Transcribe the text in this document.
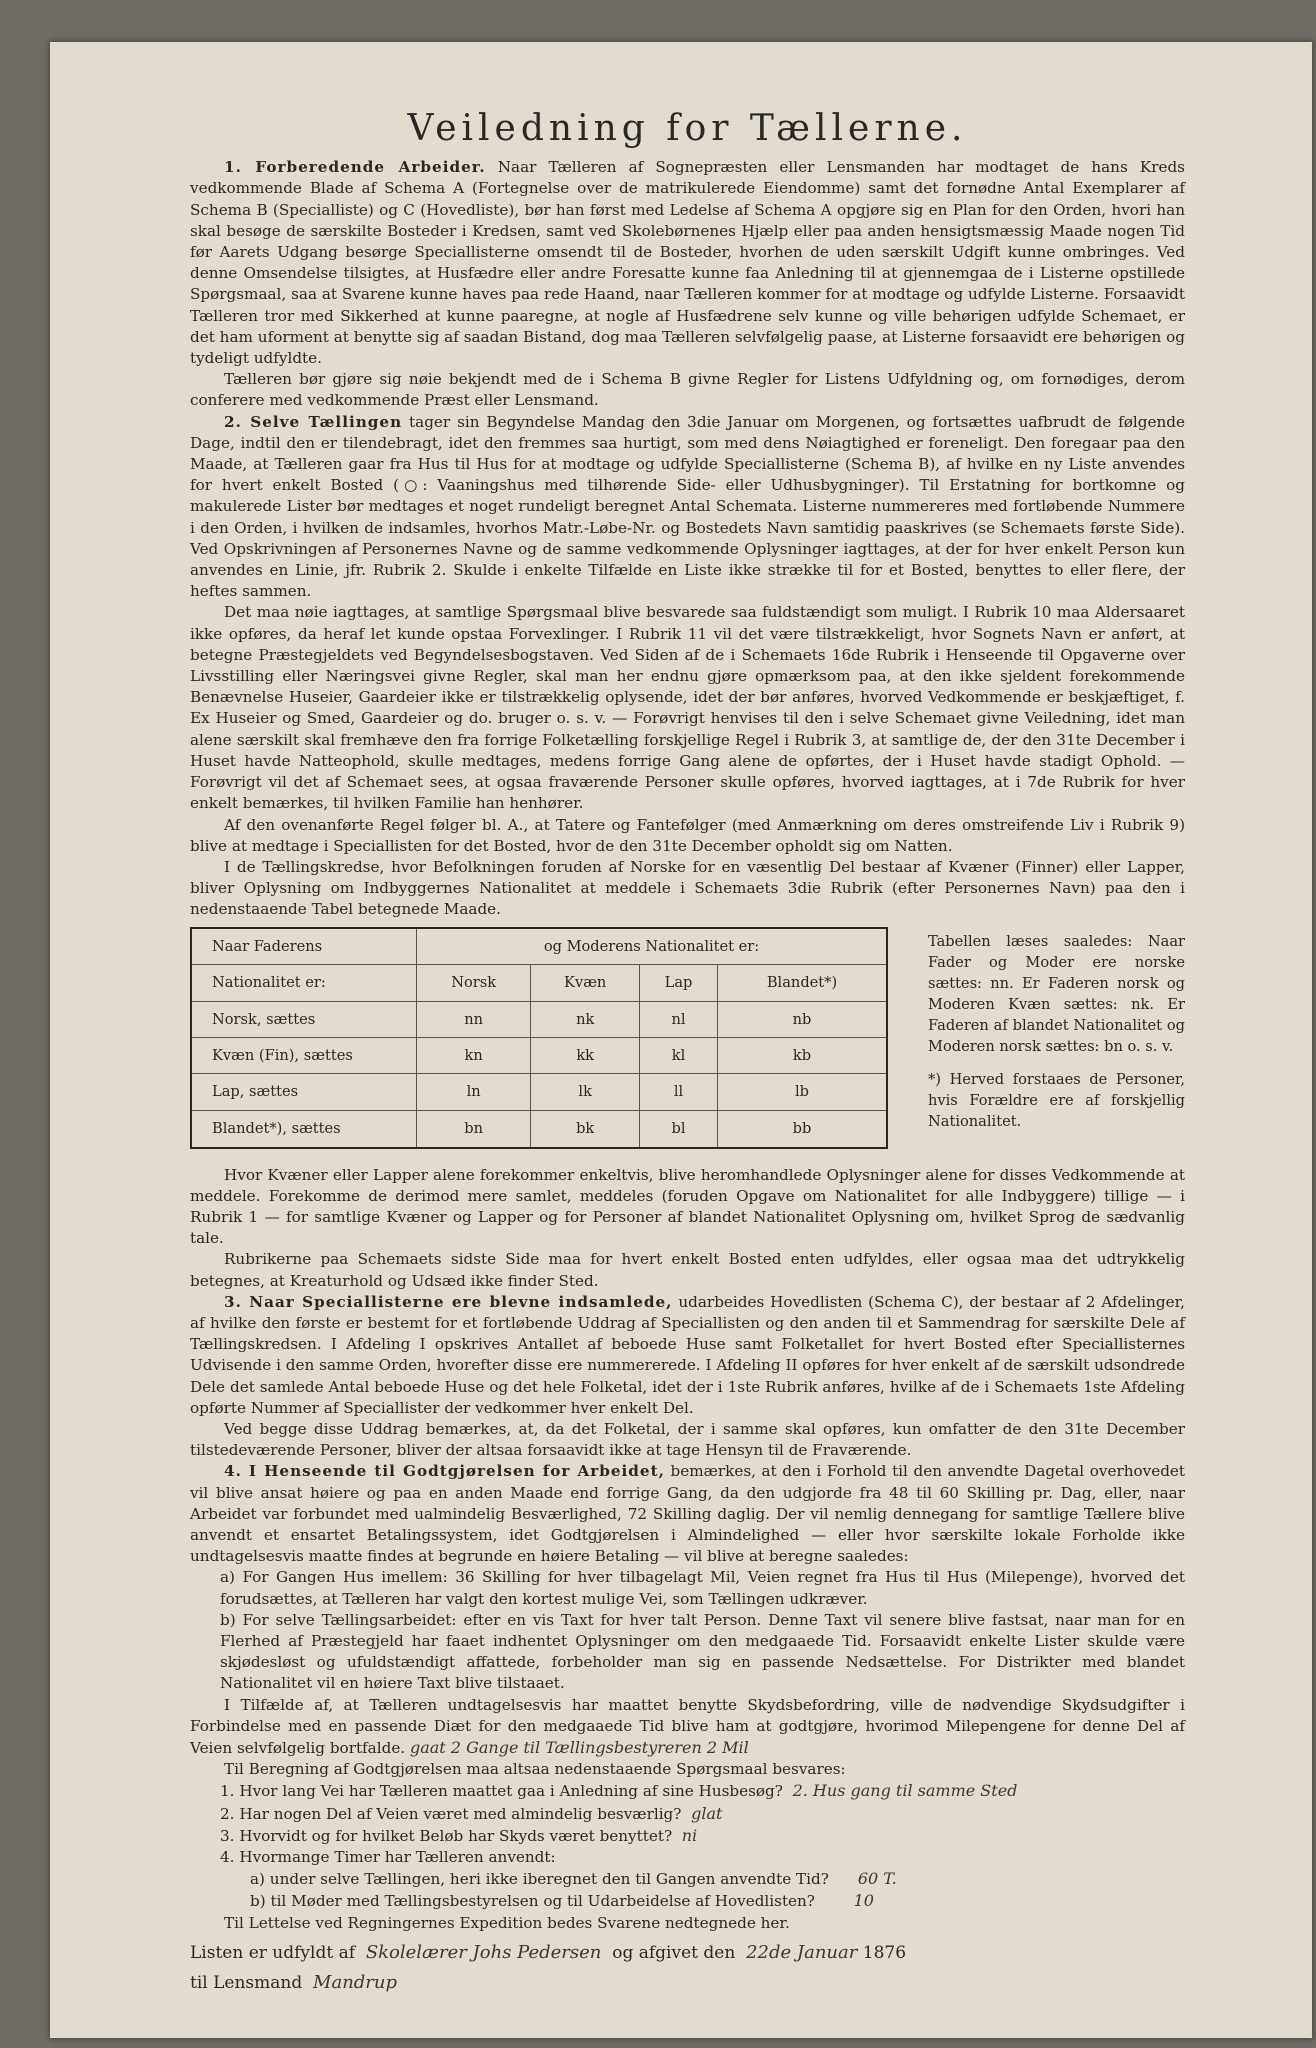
Veiledning for Tællerne.

1. Forberedende Arbeider. Naar Tælleren af Sognepræsten eller Lensmanden har modtaget de hans Kreds vedkommende Blade af Schema A (Fortegnelse over de matrikulerede Eiendomme) samt det fornødne Antal Exemplarer af Schema B (Specialliste) og C (Hovedliste), bør han først med Ledelse af Schema A opgjøre sig en Plan for den Orden, hvori han skal besøge de særskilte Bosteder i Kredsen, samt ved Skolebørnenes Hjælp eller paa anden hensigtsmæssig Maade nogen Tid før Aarets Udgang besørge Speciallisterne omsendt til de Bosteder, hvorhen de uden særskilt Udgift kunne ombringes. Ved denne Omsendelse tilsigtes, at Husfædre eller andre Foresatte kunne faa Anledning til at gjennemgaa de i Listerne opstillede Spørgsmaal, saa at Svarene kunne haves paa rede Haand, naar Tælleren kommer for at modtage og udfylde Listerne. Forsaavidt Tælleren tror med Sikkerhed at kunne paaregne, at nogle af Husfædrene selv kunne og ville behørigen udfylde Schemaet, er det ham uforment at benytte sig af saadan Bistand, dog maa Tælleren selvfølgelig paase, at Listerne forsaavidt ere behørigen og tydeligt udfyldte.

Tælleren bør gjøre sig nøie bekjendt med de i Schema B givne Regler for Listens Udfyldning og, om fornødiges, derom conferere med vedkommende Præst eller Lensmand.

2. Selve Tællingen tager sin Begyndelse Mandag den 3die Januar om Morgenen, og fortsættes uafbrudt de følgende Dage, indtil den er tilendebragt, idet den fremmes saa hurtigt, som med dens Nøiagtighed er foreneligt. Den foregaar paa den Maade, at Tælleren gaar fra Hus til Hus for at modtage og udfylde Speciallisterne (Schema B), af hvilke en ny Liste anvendes for hvert enkelt Bosted (○: Vaaningshus med tilhørende Side- eller Udhusbygninger). Til Erstatning for bortkomne og makulerede Lister bør medtages et noget rundeligt beregnet Antal Schemata. Listerne nummereres med fortløbende Nummere i den Orden, i hvilken de indsamles, hvorhos Matr.-Løbe-Nr. og Bostedets Navn samtidig paaskrives (se Schemaets første Side). Ved Opskrivningen af Personernes Navne og de samme vedkommende Oplysninger iagttages, at der for hver enkelt Person kun anvendes en Linie, jfr. Rubrik 2. Skulde i enkelte Tilfælde en Liste ikke strække til for et Bosted, benyttes to eller flere, der heftes sammen.

Det maa nøie iagttages, at samtlige Spørgsmaal blive besvarede saa fuldstændigt som muligt. I Rubrik 10 maa Aldersaaret ikke opføres, da heraf let kunde opstaa Forvexlinger. I Rubrik 11 vil det være tilstrækkeligt, hvor Sognets Navn er anført, at betegne Præstegjeldets ved Begyndelsesbogstaven. Ved Siden af de i Schemaets 16de Rubrik i Henseende til Opgaverne over Livsstilling eller Næringsvei givne Regler, skal man her endnu gjøre opmærksom paa, at den ikke sjeldent forekommende Benævnelse Huseier, Gaardeier ikke er tilstrækkelig oplysende, idet der bør anføres, hvorved Vedkommende er beskjæftiget, f. Ex Huseier og Smed, Gaardeier og do. bruger o. s. v. — Forøvrigt henvises til den i selve Schemaet givne Veiledning, idet man alene særskilt skal fremhæve den fra forrige Folketælling forskjellige Regel i Rubrik 3, at samtlige de, der den 31te December i Huset havde Natteophold, skulle medtages, medens forrige Gang alene de opførtes, der i Huset havde stadigt Ophold. — Forøvrigt vil det af Schemaet sees, at ogsaa fraværende Personer skulle opføres, hvorved iagttages, at i 7de Rubrik for hver enkelt bemærkes, til hvilken Familie han henhører.

Af den ovenanførte Regel følger bl. A., at Tatere og Fantefølger (med Anmærkning om deres omstreifende Liv i Rubrik 9) blive at medtage i Speciallisten for det Bosted, hvor de den 31te December opholdt sig om Natten.

I de Tællingskredse, hvor Befolkningen foruden af Norske for en væsentlig Del bestaar af Kvæner (Finner) eller Lapper, bliver Oplysning om Indbyggernes Nationalitet at meddele i Schemaets 3die Rubrik (efter Personernes Navn) paa den i nedenstaaende Tabel betegnede Maade.

Naar Faderens	og Moderens Nationalitet er:			
Nationalitet er:	Norsk	Kvæn	Lap	Blandet*)
Norsk, sættes	nn	nk	nl	nb
Kvæn (Fin), sættes	kn	kk	kl	kb
Lap, sættes	ln	lk	ll	lb
Blandet*), sættes	bn	bk	bl	bb

Tabellen læses saaledes: Naar Fader og Moder ere norske sættes: nn. Er Faderen norsk og Moderen Kvæn sættes: nk. Er Faderen af blandet Nationalitet og Moderen norsk sættes: bn o. s. v.

*) Herved forstaaes de Personer, hvis Forældre ere af forskjellig Nationalitet.

Hvor Kvæner eller Lapper alene forekommer enkeltvis, blive heromhandlede Oplysninger alene for disses Vedkommende at meddele. Forekomme de derimod mere samlet, meddeles (foruden Opgave om Nationalitet for alle Indbyggere) tillige — i Rubrik 1 — for samtlige Kvæner og Lapper og for Personer af blandet Nationalitet Oplysning om, hvilket Sprog de sædvanlig tale.

Rubrikerne paa Schemaets sidste Side maa for hvert enkelt Bosted enten udfyldes, eller ogsaa maa det udtrykkelig betegnes, at Kreaturhold og Udsæd ikke finder Sted.

3. Naar Speciallisterne ere blevne indsamlede, udarbeides Hovedlisten (Schema C), der bestaar af 2 Afdelinger, af hvilke den første er bestemt for et fortløbende Uddrag af Speciallisten og den anden til et Sammendrag for særskilte Dele af Tællingskredsen. I Afdeling I opskrives Antallet af beboede Huse samt Folketallet for hvert Bosted efter Speciallisternes Udvisende i den samme Orden, hvorefter disse ere nummererede. I Afdeling II opføres for hver enkelt af de særskilt udsondrede Dele det samlede Antal beboede Huse og det hele Folketal, idet der i 1ste Rubrik anføres, hvilke af de i Schemaets 1ste Afdeling opførte Nummer af Speciallister der vedkommer hver enkelt Del.

Ved begge disse Uddrag bemærkes, at, da det Folketal, der i samme skal opføres, kun omfatter de den 31te December tilstedeværende Personer, bliver der altsaa forsaavidt ikke at tage Hensyn til de Fraværende.

4. I Henseende til Godtgjørelsen for Arbeidet, bemærkes, at den i Forhold til den anvendte Dagetal overhovedet vil blive ansat høiere og paa en anden Maade end forrige Gang, da den udgjorde fra 48 til 60 Skilling pr. Dag, eller, naar Arbeidet var forbundet med ualmindelig Besværlighed, 72 Skilling daglig. Der vil nemlig dennegang for samtlige Tællere blive anvendt et ensartet Betalingssystem, idet Godtgjørelsen i Almindelighed — eller hvor særskilte lokale Forholde ikke undtagelsesvis maatte findes at begrunde en høiere Betaling — vil blive at beregne saaledes:

a) For Gangen Hus imellem: 36 Skilling for hver tilbagelagt Mil, Veien regnet fra Hus til Hus (Milepenge), hvorved det forudsættes, at Tælleren har valgt den kortest mulige Vei, som Tællingen udkræver.

b) For selve Tællingsarbeidet: efter en vis Taxt for hver talt Person. Denne Taxt vil senere blive fastsat, naar man for en Flerhed af Præstegjeld har faaet indhentet Oplysninger om den medgaaede Tid. Forsaavidt enkelte Lister skulde være skjødesløst og ufuldstændigt affattede, forbeholder man sig en passende Nedsættelse. For Distrikter med blandet Nationalitet vil en høiere Taxt blive tilstaaet.

I Tilfælde af, at Tælleren undtagelsesvis har maattet benytte Skydsbefordring, ville de nødvendige Skydsudgifter i Forbindelse med en passende Diæt for den medgaaede Tid blive ham at godtgjøre, hvorimod Milepengene for denne Del af Veien selvfølgelig bortfalde. gaat 2 Gange til Tællingsbestyreren 2 Mil

Til Beregning af Godtgjørelsen maa altsaa nedenstaaende Spørgsmaal besvares:

1. Hvor lang Vei har Tælleren maattet gaa i Anledning af sine Husbesøg? 2. Hus gang til samme Sted

2. Har nogen Del af Veien været med almindelig besværlig? glat

3. Hvorvidt og for hvilket Beløb har Skyds været benyttet? ni

4. Hvormange Timer har Tælleren anvendt:

a) under selve Tællingen, heri ikke iberegnet den til Gangen anvendte Tid? 60 T.

b) til Møder med Tællingsbestyrelsen og til Udarbeidelse af Hovedlisten? 10

Til Lettelse ved Regningernes Expedition bedes Svarene nedtegnede her.

Listen er udfyldt af Skolelærer Johs Pedersen og afgivet den 22de Januar 1876
til Lensmand Mandrup
